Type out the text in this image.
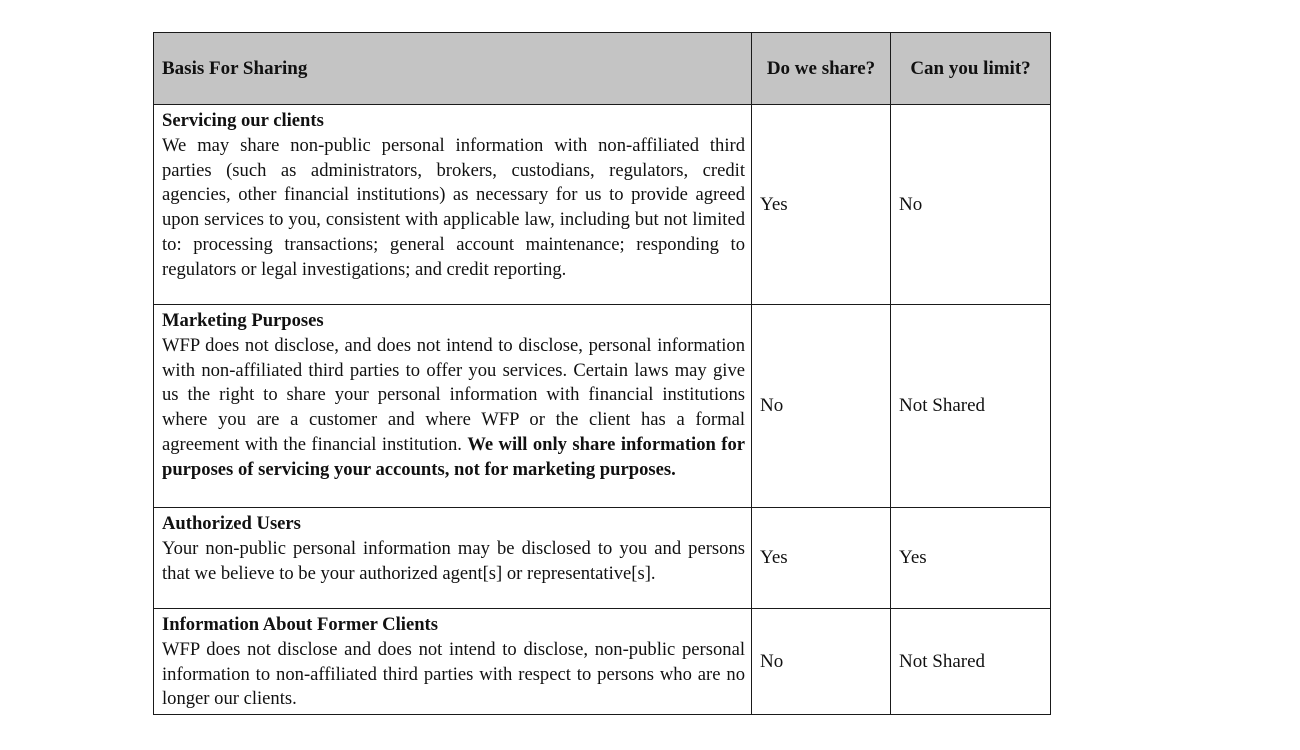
Basis For Sharing	Do we share?	Can you limit?

Servicing our clients
We may share non-public personal information with non-affiliated third parties (such as administrators, brokers, custodians, regulators, credit agencies, other financial institutions) as necessary for us to provide agreed upon services to you, consistent with applicable law, including but not limited to: processing transactions; general account maintenance; responding to regulators or legal investigations; and credit reporting.	Yes	No

Marketing Purposes
WFP does not disclose, and does not intend to disclose, personal information with non-affiliated third parties to offer you services. Certain laws may give us the right to share your personal information with financial institutions where you are a customer and where WFP or the client has a formal agreement with the financial institution. We will only share information for purposes of servicing your accounts, not for marketing purposes.	No	Not Shared

Authorized Users
Your non-public personal information may be disclosed to you and persons that we believe to be your authorized agent[s] or representative[s].	Yes	Yes

Information About Former Clients
WFP does not disclose and does not intend to disclose, non-public personal information to non-affiliated third parties with respect to persons who are no longer our clients.	No	Not Shared
